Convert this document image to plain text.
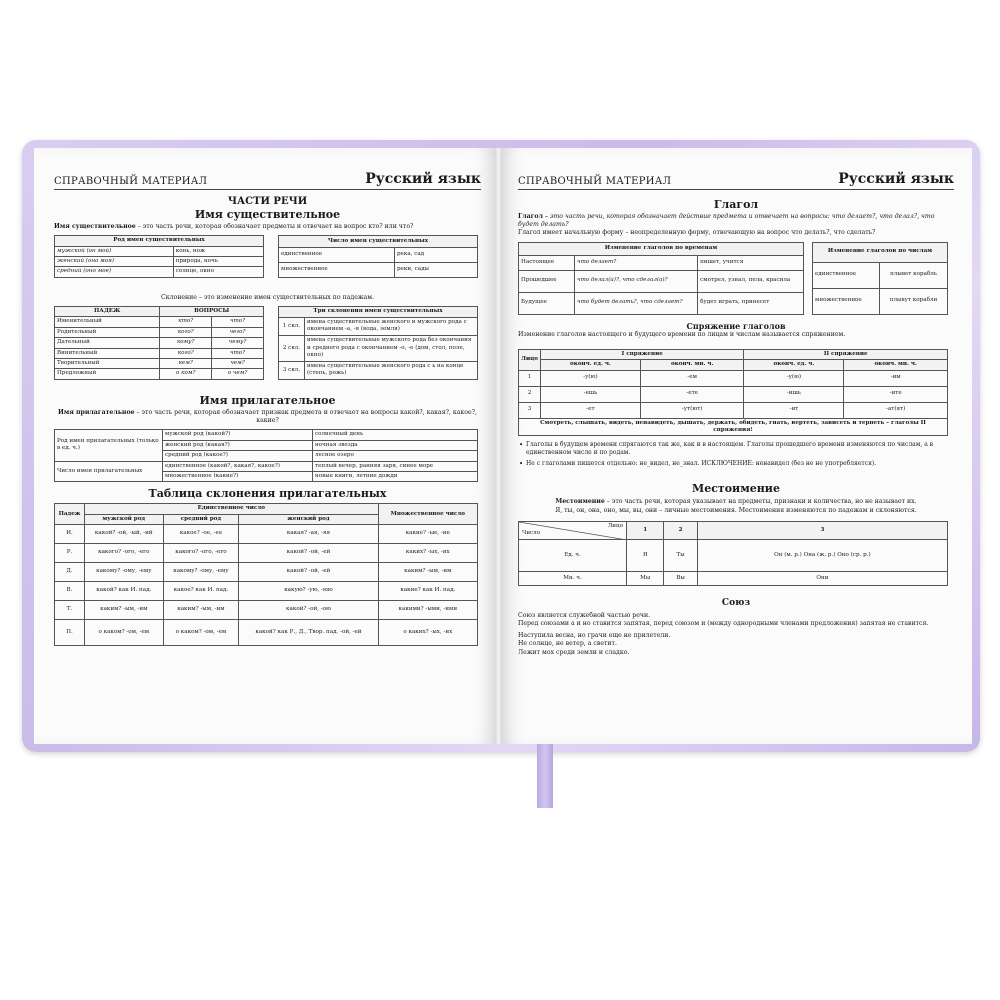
СПРАВОЧНЫЙ МАТЕРИАЛ	Русский язык
ЧАСТИ РЕЧИ
Имя существительное
Имя существительное – это часть речи, которая обозначает предметы и отвечает на вопрос кто? или что?
Род имен существительных	
мужской (он мой)	конь, нож
женский (она моя)	природа, ночь
средний (оно мое)	солнце, окно
Число имен существительных	
единственное	река, сад
множественное	реки, сады
Склонение – это изменение имен существительных по падежам.
ПАДЕЖ	ВОПРОСЫ	
Именительный	кто?	что?
Родительный	кого?	чего?
Дательный	кому?	чему?
Винительный	кого?	что?
Творительный	кем?	чем?
Предложный	о ком?	о чем?
Три склонения имен существительных	
1 скл.	имена существительные женского и мужского рода с окончанием -а, -я (вода, земля)
2 скл.	имена существительные мужского рода без окончания и среднего рода с окончанием -о, -е (дом, стол, поле, окно)
3 скл.	имена существительные женского рода с ь на конце (степь, рожь)
Имя прилагательное
Имя прилагательное – это часть речи, которая обозначает признак предмета и отвечает на вопросы какой?, какая?, какое?, какие?
Род имен прилагательных (только в ед. ч.)	мужской род (какой?)	солнечный день
	женский род (какая?)	ночная звезда
	средний род (какое?)	лесное озеро
Число имен прилагательных	единственное (какой?, какая?, какое?)	теплый вечер, ранняя заря, синее море
	множественное (какие?)	новые книги, летние дожди
Таблица склонения прилагательных
Падеж	Единственное число			Множественное число
	мужской род	средний род	женский род	
И.	какой? -ой, -ый, -ий	какое? -ое, -ее	какая? -ая, -яя	какие? -ые, -ие
Р.	какого? -ого, -его	какого? -ого, -его	какой? -ой, -ей	каких? -ых, -их
Д.	какому? -ому, -ему	какому? -ому, -ему	какой? -ой, -ей	каким? -ым, -им
В.	какой? как И. пад.	какое? как И. пад.	какую? -ую, -юю	какие? как И. пад.
Т.	каким? -ым, -им	каким? -ым, -им	какой? -ой, -ою	какими? -ыми, -ими
П.	о каком? -ом, -ем	о каком? -ом, -ем	какой? как Р., Д., Твор. пад. -ой, -ей	о каких? -ых, -их
СПРАВОЧНЫЙ МАТЕРИАЛ	Русский язык
Глагол
Глагол – это часть речи, которая обозначает действие предмета и отвечает на вопросы: что делает?, что делал?, что будет делать?
Глагол имеет начальную форму – неопределенную форму, отвечающую на вопрос что делать?, что сделать?
Изменение глаголов по временам		
Настоящее	что делает?	пишет, учится
Прошедшее	что делал(а)?, что сделал(а)?	смотрел, узнал, пела, красила
Будущее	что будет делать?, что сделает?	будет играть, принесет
Изменение глаголов по числам	
единственное	плывет корабль
множественное	плывут корабли
Спряжение глаголов
Изменение глаголов настоящего и будущего времени по лицам и числам называется спряжением.
Лицо	I спряжение		II спряжение	
	оконч. ед. ч.	оконч. мн. ч.	оконч. ед. ч.	оконч. мн. ч.
1	-у(ю)	-ем	-у(ю)	-им
2	-ешь	-ете	-ишь	-ите
3	-ет	-ут(ют)	-ит	-ат(ят)
Смотреть, слышать, видеть, ненавидеть, дышать, держать, обидеть, гнать, вертеть, зависеть и терпеть – глаголы II спряжения!				
• Глаголы в будущем времени спрягаются так же, как и в настоящем. Глаголы прошедшего времени изменяются по числам, а в единственном числе и по родам.
• Не с глаголами пишется отдельно: не_видел, не_знал. ИСКЛЮЧЕНИЕ: ненавидел (без не не употребляется).
Местоимение
Местоимение – это часть речи, которая указывает на предметы, признаки и количества, но не называет их.
Я, ты, он, она, оно, мы, вы, они – личные местоимения. Местоимения изменяются по падежам и склоняются.
Число
Лицо	1	2	3
Ед. ч.	Я	Ты	Он (м. р.) Она (ж. р.) Оно (ср. р.)
Мн. ч.	Мы	Вы	Они
Союз
Союз является служебной частью речи.
Перед союзами а и но ставится запятая, перед союзом и (между однородными членами предложения) запятая не ставится.
Наступила весна, но грачи еще не прилетели.
Не солнце, не ветер, а светит.
Лежит мох среди земли и сладко.
